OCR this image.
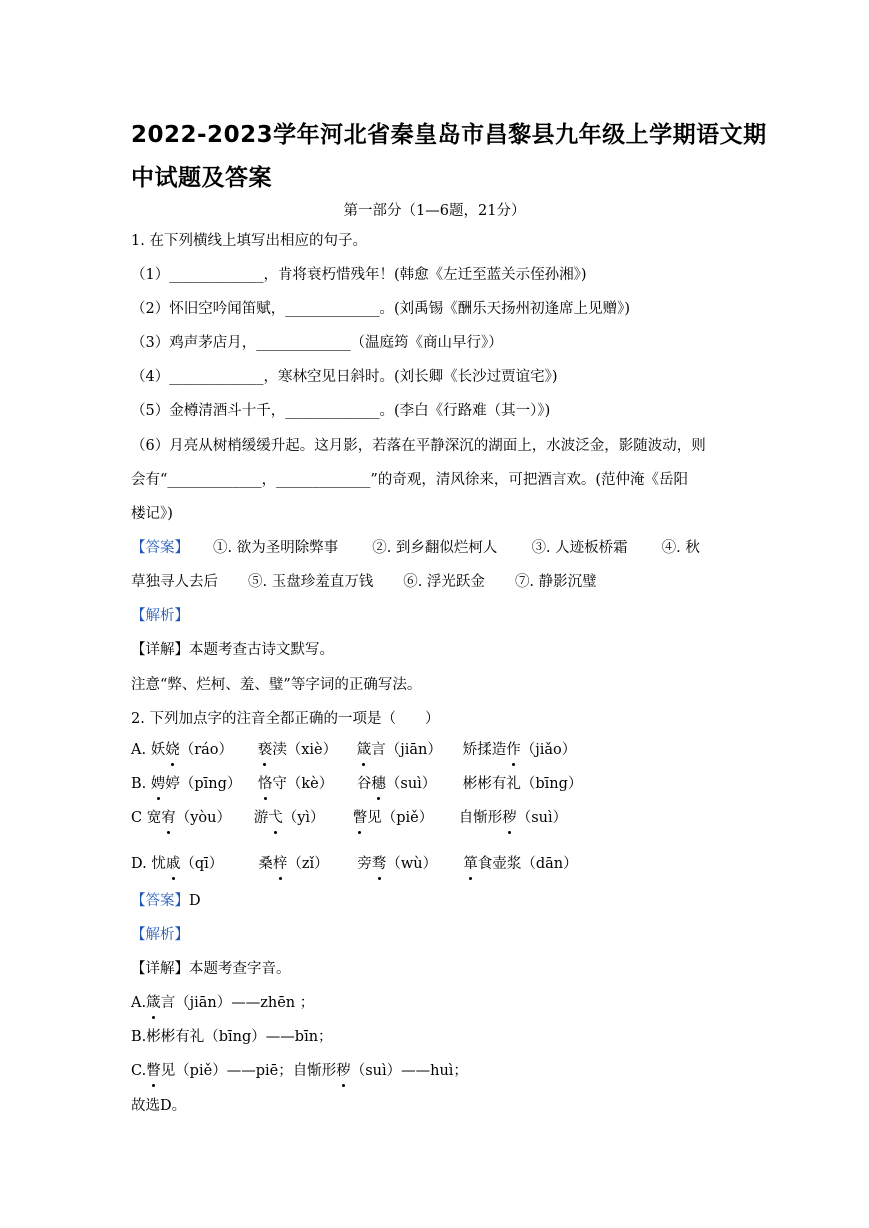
2022-2023学年河北省秦皇岛市昌黎县九年级上学期语文期
中试题及答案
第一部分（1—6题，21分）
1. 在下列横线上填写出相应的句子。
（1）_____________，肯将衰朽惜残年！(韩愈《左迁至蓝关示侄孙湘》)
（2）怀旧空吟闻笛赋，_____________。(刘禹锡《酬乐天扬州初逢席上见赠》)
（3）鸡声茅店月，_____________（温庭筠《商山早行》）
（4）_____________，寒林空见日斜时。(刘长卿《长沙过贾谊宅》)
（5）金樽清酒斗十千，_____________。(李白《行路难（其一）》)
（6）月亮从树梢缓缓升起。这月影，若落在平静深沉的湖面上，水波泛金，影随波动，则
会有“_____________，_____________”的奇观，清风徐来，可把酒言欢。(范仲淹《岳阳
楼记》)
【答案】 ①. 欲为圣明除弊事 ②. 到乡翻似烂柯人 ③. 人迹板桥霜 ④. 秋
草独寻人去后 ⑤. 玉盘珍羞直万钱 ⑥. 浮光跃金 ⑦. 静影沉璧
【解析】
【详解】本题考查古诗文默写。
注意“弊、烂柯、羞、璧”等字词的正确写法。
2. 下列加点字的注音全都正确的一项是（　　）
A. 妖娆（ráo） 亵渎（xiè） 箴言（jiān） 矫揉造作（jiǎo）
B. 娉婷（pīng） 恪守（kè） 谷穗（suì） 彬彬有礼（bīng）
C 宽宥（yòu） 游弋（yì） 瞥见（piě） 自惭形秽（suì）
D. 忧戚（qī） 桑梓（zǐ） 旁骛（wù） 箪食壶浆（dān）
【答案】D
【解析】
【详解】本题考查字音。
A.箴言（jiān）——zhēn ；
B.彬彬有礼（bīng）——bīn；
C.瞥见（piě）——piē；自惭形秽（suì）——huì；
故选D。
